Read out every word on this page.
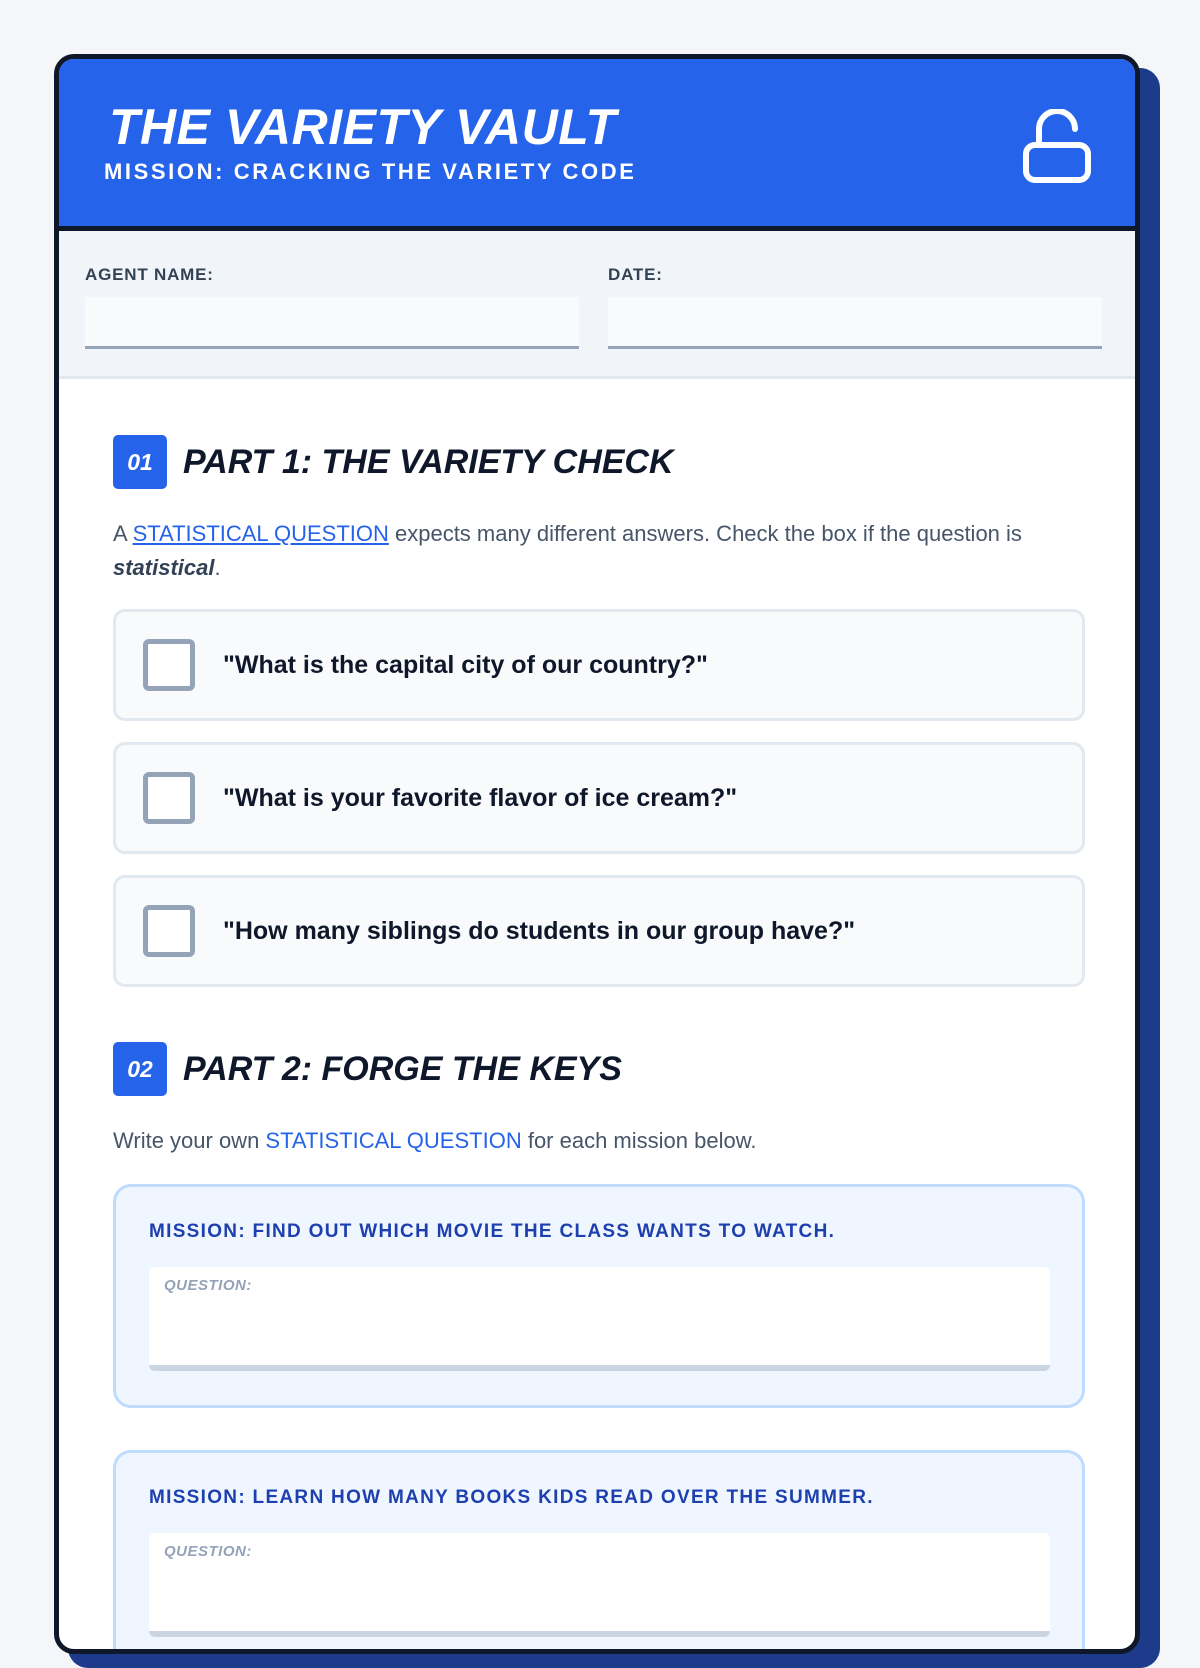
THE VARIETY VAULT
MISSION: CRACKING THE VARIETY CODE
AGENT NAME:	DATE:
01 PART 1: THE VARIETY CHECK

A STATISTICAL QUESTION expects many different answers. Check the box if the question is statistical.

"What is the capital city of our country?"
"What is your favorite flavor of ice cream?"
"How many siblings do students in our group have?"
02 PART 2: FORGE THE KEYS

Write your own STATISTICAL QUESTION for each mission below.

MISSION: FIND OUT WHICH MOVIE THE CLASS WANTS TO WATCH.
QUESTION:
MISSION: LEARN HOW MANY BOOKS KIDS READ OVER THE SUMMER.
QUESTION:
